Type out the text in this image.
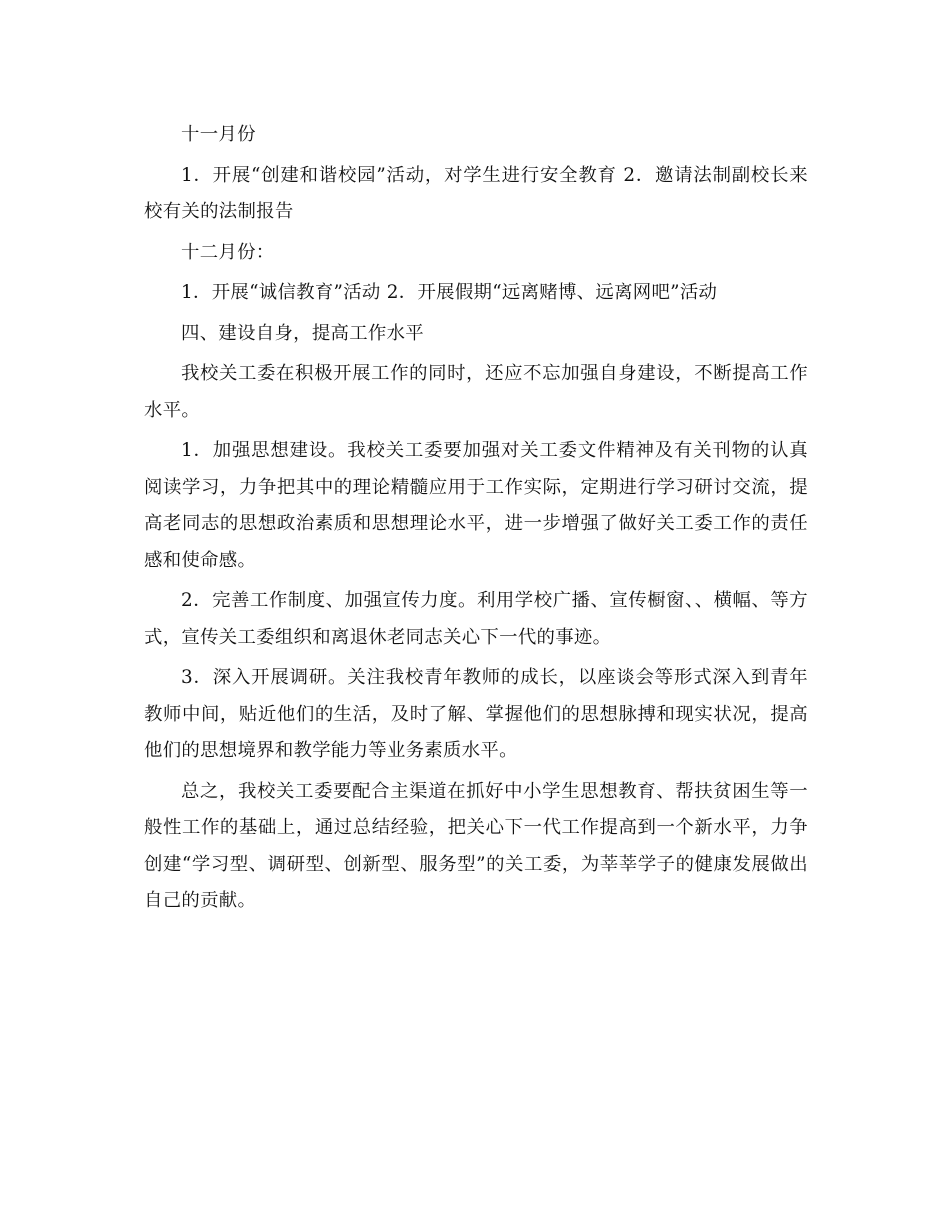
十一月份

1．开展“创建和谐校园”活动，对学生进行安全教育 2．邀请法制副校长来校有关的法制报告

十二月份：

1．开展“诚信教育”活动 2．开展假期“远离赌博、远离网吧”活动

四、建设自身，提高工作水平

我校关工委在积极开展工作的同时，还应不忘加强自身建设，不断提高工作水平。

1．加强思想建设。我校关工委要加强对关工委文件精神及有关刊物的认真阅读学习，力争把其中的理论精髓应用于工作实际，定期进行学习研讨交流，提高老同志的思想政治素质和思想理论水平，进一步增强了做好关工委工作的责任感和使命感。

2．完善工作制度、加强宣传力度。利用学校广播、宣传橱窗、、横幅、等方式，宣传关工委组织和离退休老同志关心下一代的事迹。

3．深入开展调研。关注我校青年教师的成长，以座谈会等形式深入到青年教师中间，贴近他们的生活，及时了解、掌握他们的思想脉搏和现实状况，提高他们的思想境界和教学能力等业务素质水平。

总之，我校关工委要配合主渠道在抓好中小学生思想教育、帮扶贫困生等一般性工作的基础上，通过总结经验，把关心下一代工作提高到一个新水平，力争创建“学习型、调研型、创新型、服务型”的关工委，为莘莘学子的健康发展做出自己的贡献。
